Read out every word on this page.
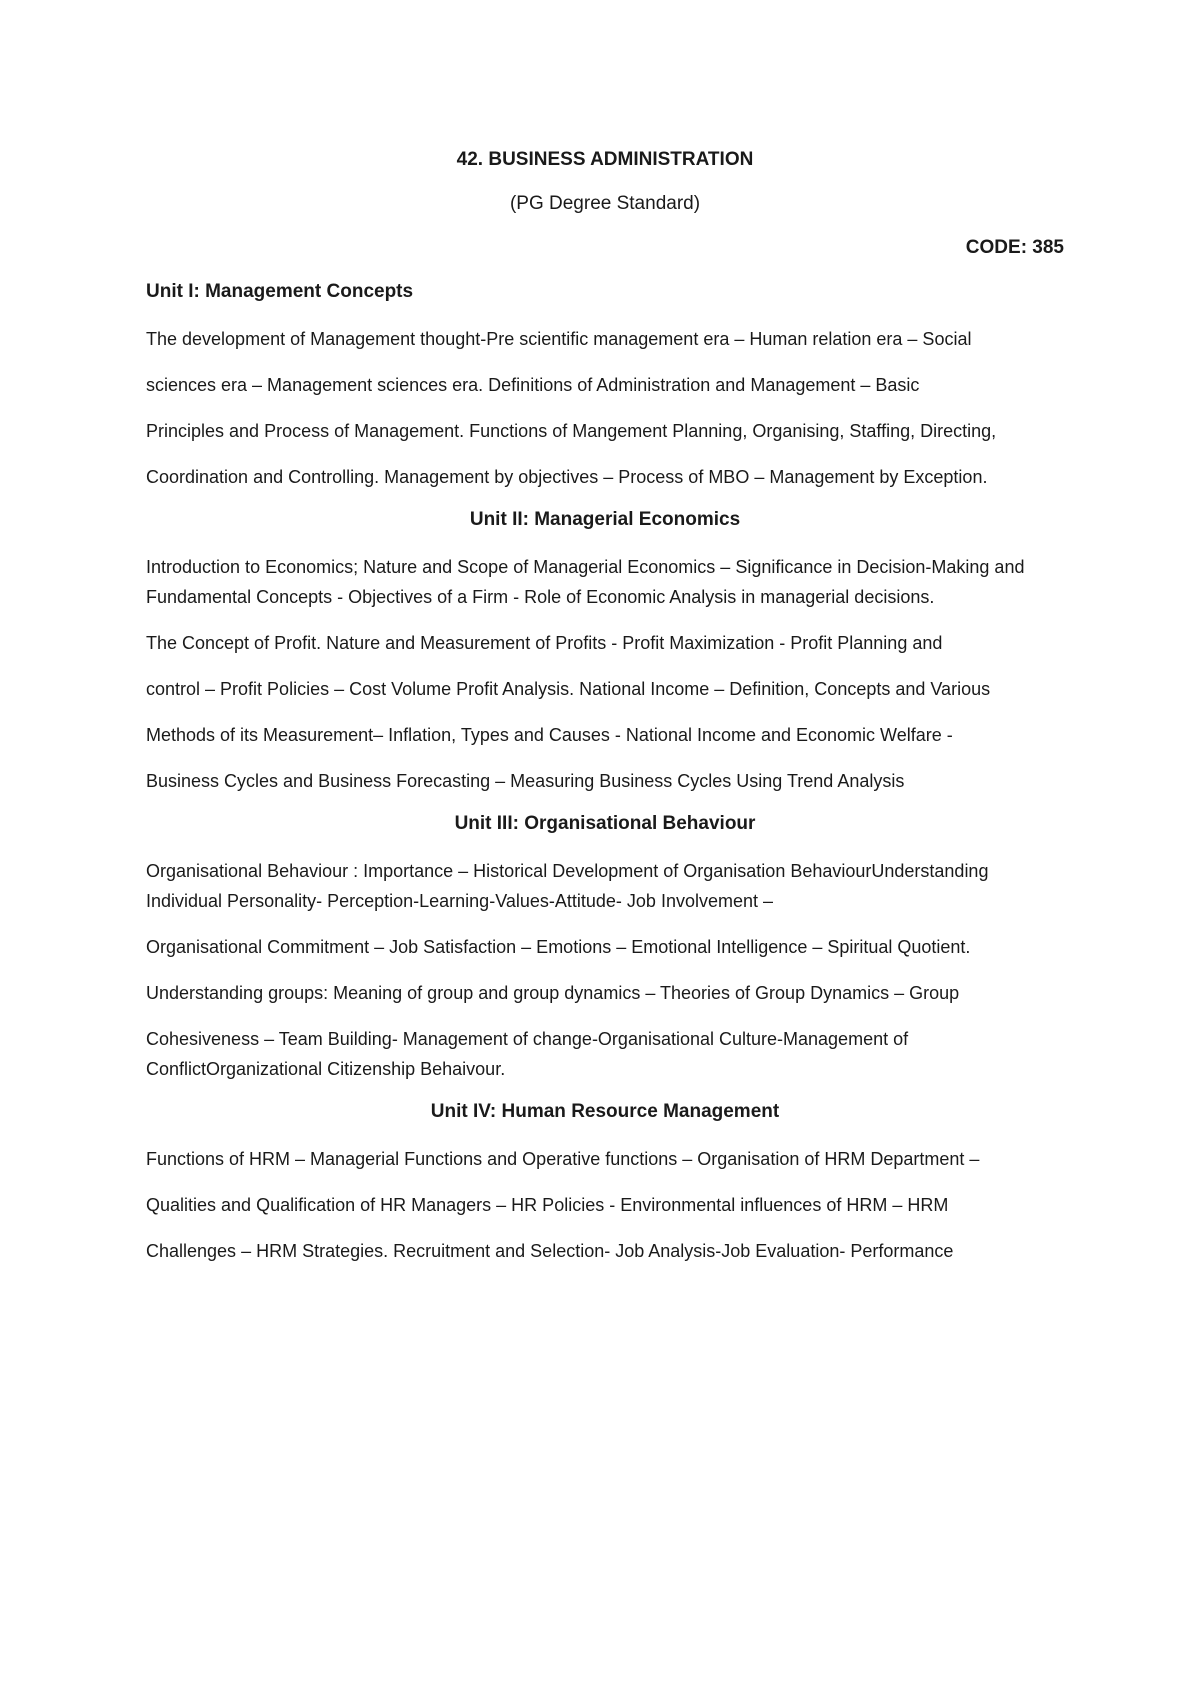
42. BUSINESS ADMINISTRATION
(PG Degree Standard)
CODE: 385
Unit I: Management Concepts

The development of Management thought-Pre scientific management era – Human relation era – Social

sciences era – Management sciences era. Definitions of Administration and Management – Basic

Principles and Process of Management. Functions of Mangement Planning, Organising, Staffing, Directing,

Coordination and Controlling. Management by objectives – Process of MBO – Management by Exception.

Unit II: Managerial Economics

Introduction to Economics; Nature and Scope of Managerial Economics – Significance in Decision-Making and Fundamental Concepts - Objectives of a Firm - Role of Economic Analysis in managerial decisions.

The Concept of Profit. Nature and Measurement of Profits - Profit Maximization - Profit Planning and

control – Profit Policies – Cost Volume Profit Analysis. National Income – Definition, Concepts and Various

Methods of its Measurement– Inflation, Types and Causes - National Income and Economic Welfare -

Business Cycles and Business Forecasting – Measuring Business Cycles Using Trend Analysis

Unit III: Organisational Behaviour

Organisational Behaviour : Importance – Historical Development of Organisation BehaviourUnderstanding Individual Personality- Perception-Learning-Values-Attitude- Job Involvement –

Organisational Commitment – Job Satisfaction – Emotions – Emotional Intelligence – Spiritual Quotient.

Understanding groups: Meaning of group and group dynamics – Theories of Group Dynamics – Group

Cohesiveness – Team Building- Management of change-Organisational Culture-Management of ConflictOrganizational Citizenship Behaivour.

Unit IV: Human Resource Management

Functions of HRM – Managerial Functions and Operative functions – Organisation of HRM Department –

Qualities and Qualification of HR Managers – HR Policies - Environmental influences of HRM – HRM

Challenges – HRM Strategies. Recruitment and Selection- Job Analysis-Job Evaluation- Performance
